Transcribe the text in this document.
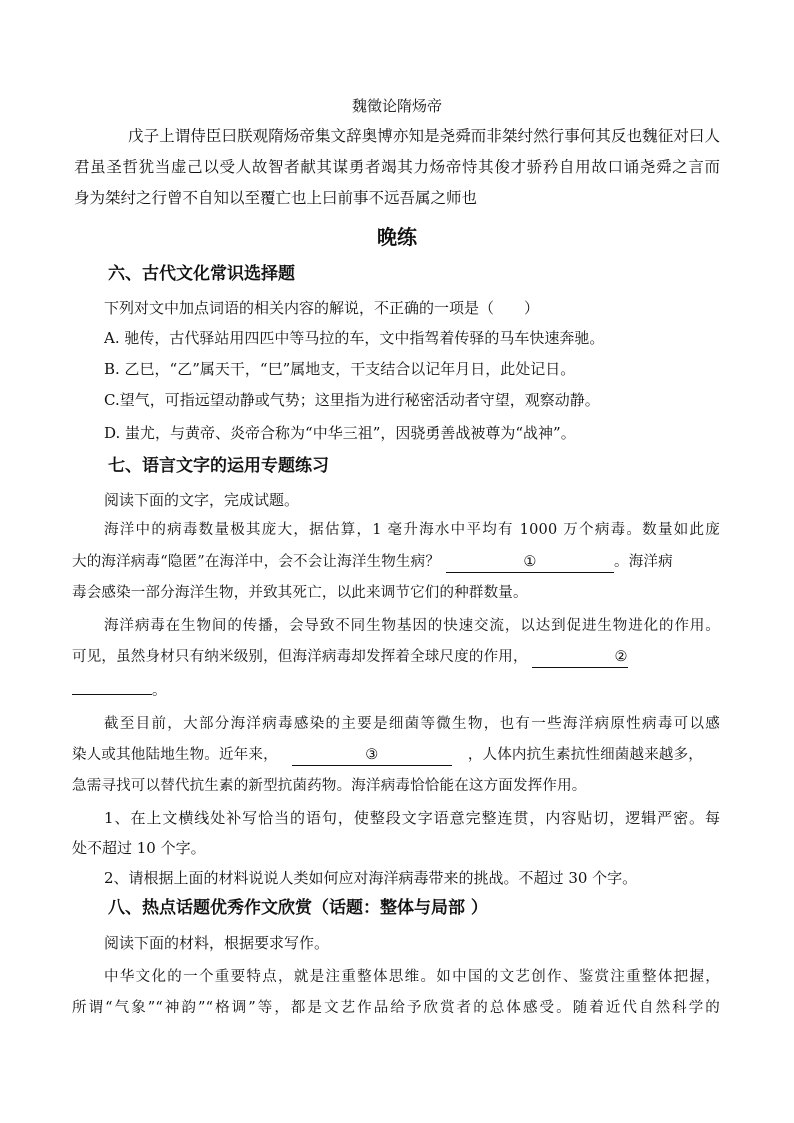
魏徵论隋炀帝
戊子上谓侍臣曰朕观隋炀帝集文辞奥博亦知是尧舜而非桀纣然行事何其反也魏征对曰人
君虽圣哲犹当虚己以受人故智者献其谋勇者竭其力炀帝恃其俊才骄矜自用故口诵尧舜之言而
身为桀纣之行曾不自知以至覆亡也上曰前事不远吾属之师也
晚练
六、古代文化常识选择题
下列对文中加点词语的相关内容的解说，不正确的一项是（　　）
A. 驰传，古代驿站用四匹中等马拉的车，文中指驾着传驿的马车快速奔驰。
B. 乙巳，“乙”属天干，“巳”属地支，干支结合以记年月日，此处记日。
C.望气，可指远望动静或气势；这里指为进行秘密活动者守望，观察动静。
D. 蚩尤，与黄帝、炎帝合称为“中华三祖”，因骁勇善战被尊为“战神”。
七、语言文字的运用专题练习
阅读下面的文字，完成试题。
海洋中的病毒数量极其庞大，据估算，1 毫升海水中平均有 1000 万个病毒。数量如此庞
大的海洋病毒“隐匿”在海洋中，会不会让海洋生物生病？	①	。海洋病
毒会感染一部分海洋生物，并致其死亡，以此来调节它们的种群数量。
海洋病毒在生物间的传播，会导致不同生物基因的快速交流，以达到促进生物进化的作用。
可见，虽然身材只有纳米级别，但海洋病毒却发挥着全球尺度的作用，	②
。
截至目前，大部分海洋病毒感染的主要是细菌等微生物，也有一些海洋病原性病毒可以感
染人或其他陆地生物。近年来，	③	，人体内抗生素抗性细菌越来越多，
急需寻找可以替代抗生素的新型抗菌药物。海洋病毒恰恰能在这方面发挥作用。
1、在上文横线处补写恰当的语句，使整段文字语意完整连贯，内容贴切，逻辑严密。每
处不超过 10 个字。
2、请根据上面的材料说说人类如何应对海洋病毒带来的挑战。不超过 30 个字。
八、热点话题优秀作文欣赏（话题：整体与局部 ）
阅读下面的材料，根据要求写作。
中华文化的一个重要特点，就是注重整体思维。如中国的文艺创作、鉴赏注重整体把握，
所谓“气象”“神韵”“格调”等，都是文艺作品给予欣赏者的总体感受。随着近代自然科学的
